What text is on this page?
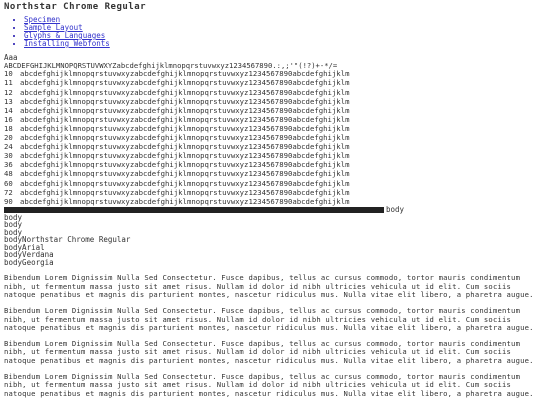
Northstar Chrome Regular
• Specimen
• Sample Layout
• Glyphs & Languages
• Installing Webfonts
Aaa
ABCDEFGHIJKLMNOPQRSTUVWXYZabcdefghijklmnopqrstuvwxyz1234567890.:,;'"(!?)+-*/=
10 abcdefghijklmnopqrstuvwxyzabcdefghijklmnopqrstuvwxyz1234567890abcdefghijklm
11 abcdefghijklmnopqrstuvwxyzabcdefghijklmnopqrstuvwxyz1234567890abcdefghijklm
12 abcdefghijklmnopqrstuvwxyzabcdefghijklmnopqrstuvwxyz1234567890abcdefghijklm
13 abcdefghijklmnopqrstuvwxyzabcdefghijklmnopqrstuvwxyz1234567890abcdefghijklm
14 abcdefghijklmnopqrstuvwxyzabcdefghijklmnopqrstuvwxyz1234567890abcdefghijklm
16 abcdefghijklmnopqrstuvwxyzabcdefghijklmnopqrstuvwxyz1234567890abcdefghijklm
18 abcdefghijklmnopqrstuvwxyzabcdefghijklmnopqrstuvwxyz1234567890abcdefghijklm
20 abcdefghijklmnopqrstuvwxyzabcdefghijklmnopqrstuvwxyz1234567890abcdefghijklm
24 abcdefghijklmnopqrstuvwxyzabcdefghijklmnopqrstuvwxyz1234567890abcdefghijklm
30 abcdefghijklmnopqrstuvwxyzabcdefghijklmnopqrstuvwxyz1234567890abcdefghijklm
36 abcdefghijklmnopqrstuvwxyzabcdefghijklmnopqrstuvwxyz1234567890abcdefghijklm
48 abcdefghijklmnopqrstuvwxyzabcdefghijklmnopqrstuvwxyz1234567890abcdefghijklm
60 abcdefghijklmnopqrstuvwxyzabcdefghijklmnopqrstuvwxyz1234567890abcdefghijklm
72 abcdefghijklmnopqrstuvwxyzabcdefghijklmnopqrstuvwxyz1234567890abcdefghijklm
90 abcdefghijklmnopqrstuvwxyzabcdefghijklmnopqrstuvwxyz1234567890abcdefghijklm
body
body
body
body
bodyNorthstar Chrome Regular
bodyArial
bodyVerdana
bodyGeorgia

Bibendum Lorem Dignissim Nulla Sed Consectetur. Fusce dapibus, tellus ac cursus commodo, tortor mauris condimentum nibh, ut fermentum massa justo sit amet risus. Nullam id dolor id nibh ultricies vehicula ut id elit. Cum sociis natoque penatibus et magnis dis parturient montes, nascetur ridiculus mus. Nulla vitae elit libero, a pharetra augue.

Bibendum Lorem Dignissim Nulla Sed Consectetur. Fusce dapibus, tellus ac cursus commodo, tortor mauris condimentum nibh, ut fermentum massa justo sit amet risus. Nullam id dolor id nibh ultricies vehicula ut id elit. Cum sociis natoque penatibus et magnis dis parturient montes, nascetur ridiculus mus. Nulla vitae elit libero, a pharetra augue.

Bibendum Lorem Dignissim Nulla Sed Consectetur. Fusce dapibus, tellus ac cursus commodo, tortor mauris condimentum nibh, ut fermentum massa justo sit amet risus. Nullam id dolor id nibh ultricies vehicula ut id elit. Cum sociis natoque penatibus et magnis dis parturient montes, nascetur ridiculus mus. Nulla vitae elit libero, a pharetra augue.

Bibendum Lorem Dignissim Nulla Sed Consectetur. Fusce dapibus, tellus ac cursus commodo, tortor mauris condimentum nibh, ut fermentum massa justo sit amet risus. Nullam id dolor id nibh ultricies vehicula ut id elit. Cum sociis natoque penatibus et magnis dis parturient montes, nascetur ridiculus mus. Nulla vitae elit libero, a pharetra augue.
